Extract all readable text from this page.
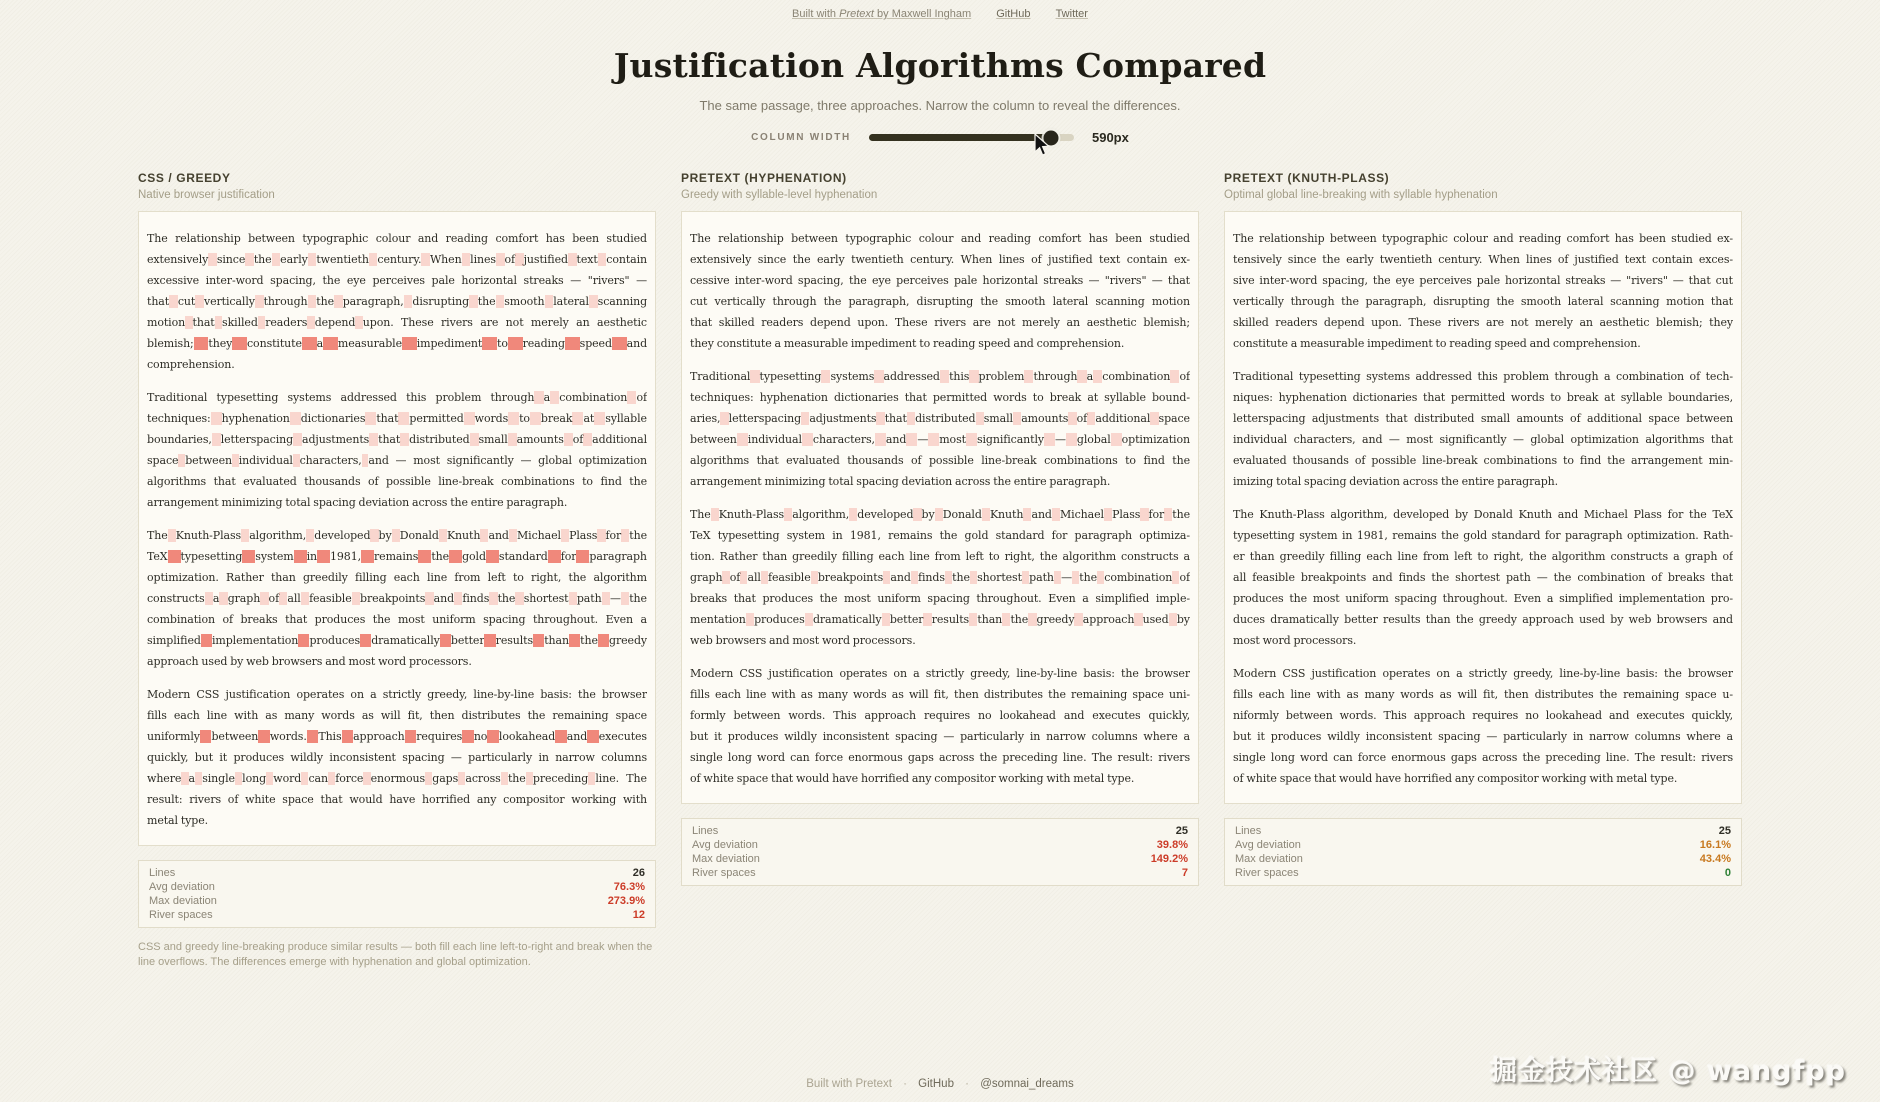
Built with Pretext by Maxwell Ingham GitHub Twitter
Justification Algorithms Compared
The same passage, three approaches. Narrow the column to reveal the differences.
COLUMN WIDTH	590px
CSS / GREEDY
Native browser justification
The relationship between typographic colour and reading comfort has been studied
extensively since the early twentieth century. When lines of justified text contain
excessive inter-word spacing, the eye perceives pale horizontal streaks — "rivers" —
that cut vertically through the paragraph, disrupting the smooth lateral scanning
motion that skilled readers depend upon. These rivers are not merely an aesthetic
blemish; they constitute a measurable impediment to reading speed and
comprehension.
Traditional typesetting systems addressed this problem through a combination of
techniques: hyphenation dictionaries that permitted words to break at syllable
boundaries, letterspacing adjustments that distributed small amounts of additional
space between individual characters, and — most significantly — global optimization
algorithms that evaluated thousands of possible line-break combinations to find the
arrangement minimizing total spacing deviation across the entire paragraph.
The Knuth-Plass algorithm, developed by Donald Knuth and Michael Plass for the
TeX typesetting system in 1981, remains the gold standard for paragraph
optimization. Rather than greedily filling each line from left to right, the algorithm
constructs a graph of all feasible breakpoints and finds the shortest path — the
combination of breaks that produces the most uniform spacing throughout. Even a
simplified implementation produces dramatically better results than the greedy
approach used by web browsers and most word processors.
Modern CSS justification operates on a strictly greedy, line-by-line basis: the browser
fills each line with as many words as will fit, then distributes the remaining space
uniformly between words. This approach requires no lookahead and executes
quickly, but it produces wildly inconsistent spacing — particularly in narrow columns
where a single long word can force enormous gaps across the preceding line. The
result: rivers of white space that would have horrified any compositor working with
metal type.
Lines	26
Avg deviation	76.3%
Max deviation	273.9%
River spaces	12
CSS and greedy line-breaking produce similar results — both fill each line left-to-right and break when the line overflows. The differences emerge with hyphenation and global optimization.
PRETEXT (HYPHENATION)
Greedy with syllable-level hyphenation
The relationship between typographic colour and reading comfort has been studied
extensively since the early twentieth century. When lines of justified text contain ex-
cessive inter-word spacing, the eye perceives pale horizontal streaks — "rivers" — that
cut vertically through the paragraph, disrupting the smooth lateral scanning motion
that skilled readers depend upon. These rivers are not merely an aesthetic blemish;
they constitute a measurable impediment to reading speed and comprehension.
Traditional typesetting systems addressed this problem through a combination of
techniques: hyphenation dictionaries that permitted words to break at syllable bound-
aries, letterspacing adjustments that distributed small amounts of additional space
between individual characters, and — most significantly — global optimization
algorithms that evaluated thousands of possible line-break combinations to find the
arrangement minimizing total spacing deviation across the entire paragraph.
The Knuth-Plass algorithm, developed by Donald Knuth and Michael Plass for the
TeX typesetting system in 1981, remains the gold standard for paragraph optimiza-
tion. Rather than greedily filling each line from left to right, the algorithm constructs a
graph of all feasible breakpoints and finds the shortest path — the combination of
breaks that produces the most uniform spacing throughout. Even a simplified imple-
mentation produces dramatically better results than the greedy approach used by
web browsers and most word processors.
Modern CSS justification operates on a strictly greedy, line-by-line basis: the browser
fills each line with as many words as will fit, then distributes the remaining space uni-
formly between words. This approach requires no lookahead and executes quickly,
but it produces wildly inconsistent spacing — particularly in narrow columns where a
single long word can force enormous gaps across the preceding line. The result: rivers
of white space that would have horrified any compositor working with metal type.
Lines	25
Avg deviation	39.8%
Max deviation	149.2%
River spaces	7
PRETEXT (KNUTH-PLASS)
Optimal global line-breaking with syllable hyphenation
The relationship between typographic colour and reading comfort has been studied ex-
tensively since the early twentieth century. When lines of justified text contain exces-
sive inter-word spacing, the eye perceives pale horizontal streaks — "rivers" — that cut
vertically through the paragraph, disrupting the smooth lateral scanning motion that
skilled readers depend upon. These rivers are not merely an aesthetic blemish; they
constitute a measurable impediment to reading speed and comprehension.
Traditional typesetting systems addressed this problem through a combination of tech-
niques: hyphenation dictionaries that permitted words to break at syllable boundaries,
letterspacing adjustments that distributed small amounts of additional space between
individual characters, and — most significantly — global optimization algorithms that
evaluated thousands of possible line-break combinations to find the arrangement min-
imizing total spacing deviation across the entire paragraph.
The Knuth-Plass algorithm, developed by Donald Knuth and Michael Plass for the TeX
typesetting system in 1981, remains the gold standard for paragraph optimization. Rath-
er than greedily filling each line from left to right, the algorithm constructs a graph of
all feasible breakpoints and finds the shortest path — the combination of breaks that
produces the most uniform spacing throughout. Even a simplified implementation pro-
duces dramatically better results than the greedy approach used by web browsers and
most word processors.
Modern CSS justification operates on a strictly greedy, line-by-line basis: the browser
fills each line with as many words as will fit, then distributes the remaining space u-
niformly between words. This approach requires no lookahead and executes quickly,
but it produces wildly inconsistent spacing — particularly in narrow columns where a
single long word can force enormous gaps across the preceding line. The result: rivers
of white space that would have horrified any compositor working with metal type.
Lines	25
Avg deviation	16.1%
Max deviation	43.4%
River spaces	0
Built with Pretext · GitHub · @somnai_dreams	掘金技术社区 @ wangfpp
